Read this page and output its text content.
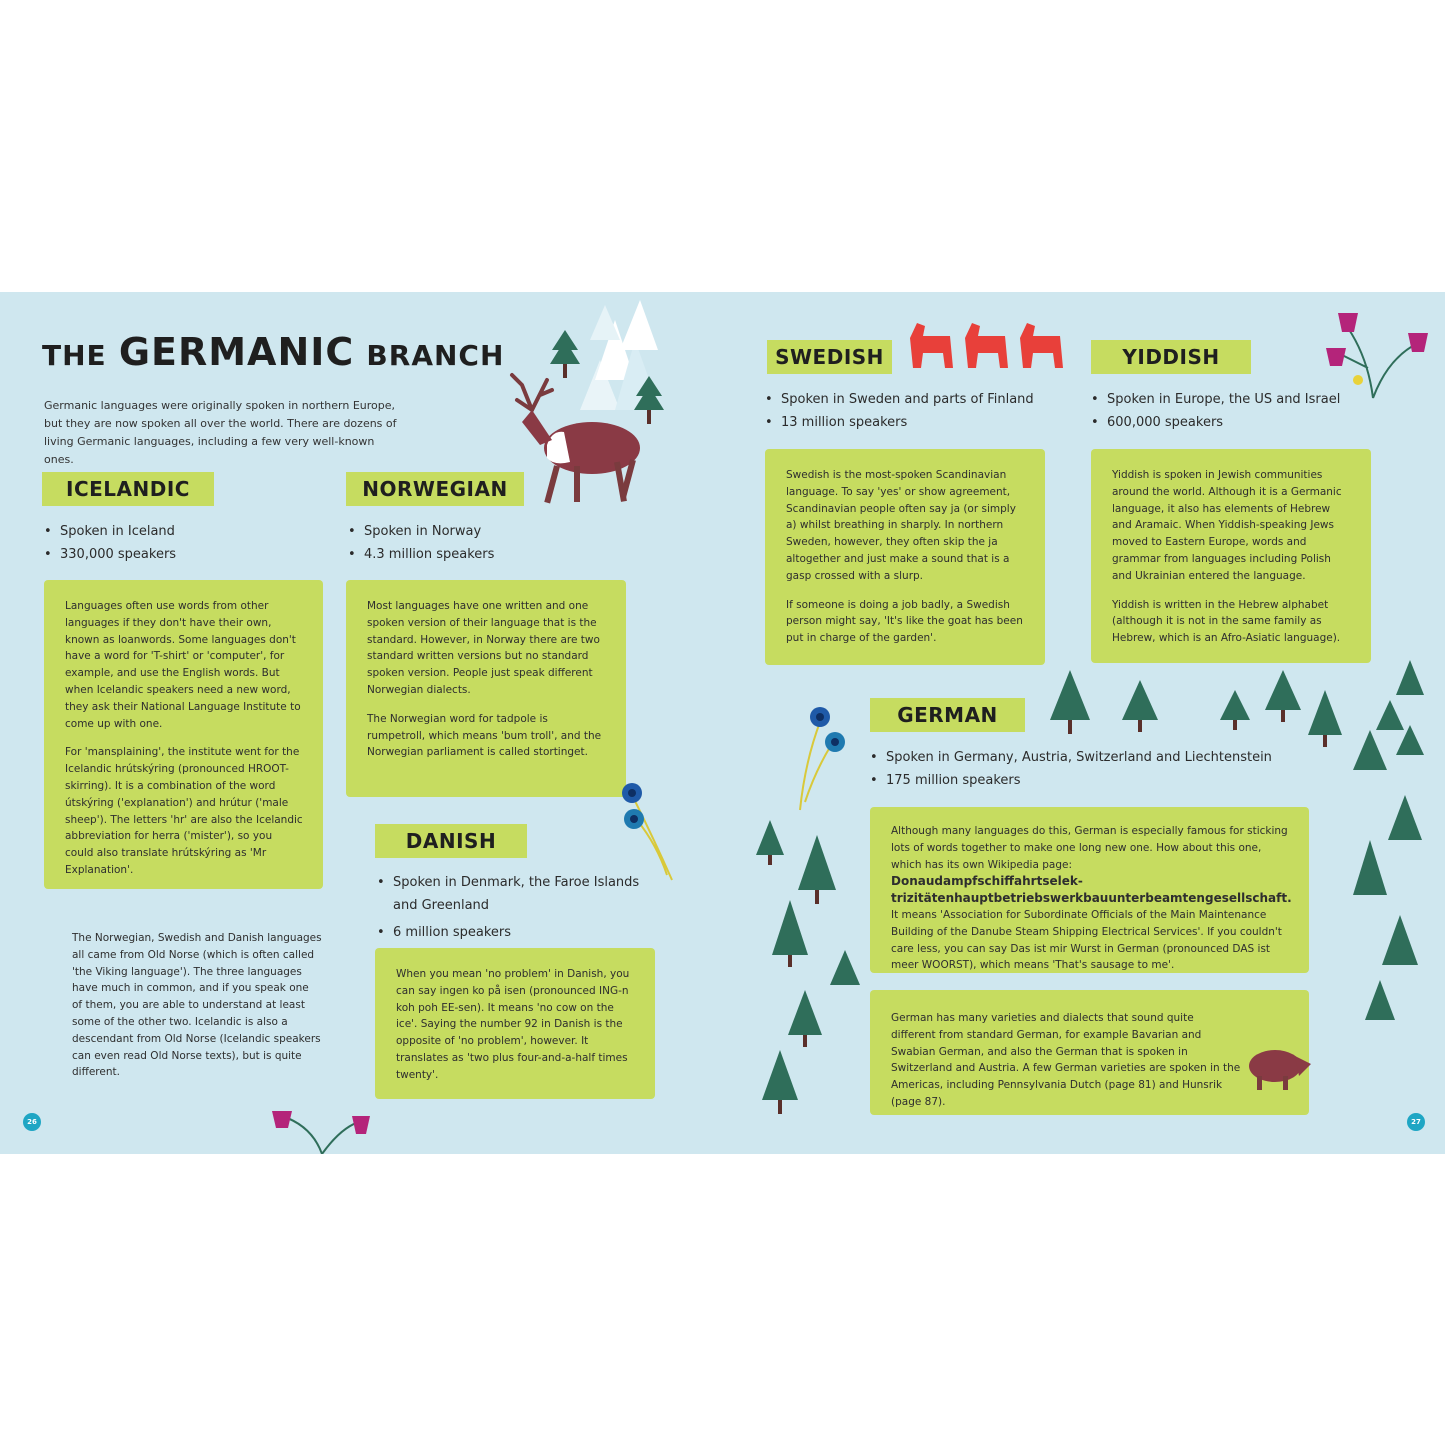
THE GERMANIC BRANCH

Germanic languages were originally spoken in northern Europe, but they are now spoken all over the world. There are dozens of living Germanic languages, including a few very well-known ones.

ICELANDIC
• Spoken in Iceland
• 330,000 speakers

Languages often use words from other languages if they don't have their own, known as loanwords. Some languages don't have a word for 'T-shirt' or 'computer', for example, and use the English words. But when Icelandic speakers need a new word, they ask their National Language Institute to come up with one.

For 'mansplaining', the institute went for the Icelandic hrútskýring (pronounced HROOT-skirring). It is a combination of the word útskýring ('explanation') and hrútur ('male sheep'). The letters 'hr' are also the Icelandic abbreviation for herra ('mister'), so you could also translate hrútskýring as 'Mr Explanation'.

NORWEGIAN
• Spoken in Norway
• 4.3 million speakers

Most languages have one written and one spoken version of their language that is the standard. However, in Norway there are two standard written versions but no standard spoken version. People just speak different Norwegian dialects.

The Norwegian word for tadpole is rumpetroll, which means 'bum troll', and the Norwegian parliament is called stortinget.

DANISH
• Spoken in Denmark, the Faroe Islands and Greenland
• 6 million speakers

When you mean 'no problem' in Danish, you can say ingen ko på isen (pronounced ING-n koh poh EE-sen). It means 'no cow on the ice'. Saying the number 92 in Danish is the opposite of 'no problem', however. It translates as 'two plus four-and-a-half times twenty'.

The Norwegian, Swedish and Danish languages all came from Old Norse (which is often called 'the Viking language'). The three languages have much in common, and if you speak one of them, you are able to understand at least some of the other two. Icelandic is also a descendant from Old Norse (Icelandic speakers can even read Old Norse texts), but is quite different.

SWEDISH
• Spoken in Sweden and parts of Finland
• 13 million speakers

Swedish is the most-spoken Scandinavian language. To say 'yes' or show agreement, Scandinavian people often say ja (or simply a) whilst breathing in sharply. In northern Sweden, however, they often skip the ja altogether and just make a sound that is a gasp crossed with a slurp.

If someone is doing a job badly, a Swedish person might say, 'It's like the goat has been put in charge of the garden'.

YIDDISH
• Spoken in Europe, the US and Israel
• 600,000 speakers

Yiddish is spoken in Jewish communities around the world. Although it is a Germanic language, it also has elements of Hebrew and Aramaic. When Yiddish-speaking Jews moved to Eastern Europe, words and grammar from languages including Polish and Ukrainian entered the language.

Yiddish is written in the Hebrew alphabet (although it is not in the same family as Hebrew, which is an Afro-Asiatic language).

GERMAN
• Spoken in Germany, Austria, Switzerland and Liechtenstein
• 175 million speakers

Although many languages do this, German is especially famous for sticking lots of words together to make one long new one. How about this one, which has its own Wikipedia page:
Donaudampfschiffahrtselek-
trizitätenhauptbetriebswerkbauunterbeamtengesellschaft.
It means 'Association for Subordinate Officials of the Main Maintenance Building of the Danube Steam Shipping Electrical Services'. If you couldn't care less, you can say Das ist mir Wurst in German (pronounced DAS ist meer WOORST), which means 'That's sausage to me'.

German has many varieties and dialects that sound quite different from standard German, for example Bavarian and Swabian German, and also the German that is spoken in Switzerland and Austria. A few German varieties are spoken in the Americas, including Pennsylvania Dutch (page 81) and Hunsrik (page 87).

26	27
